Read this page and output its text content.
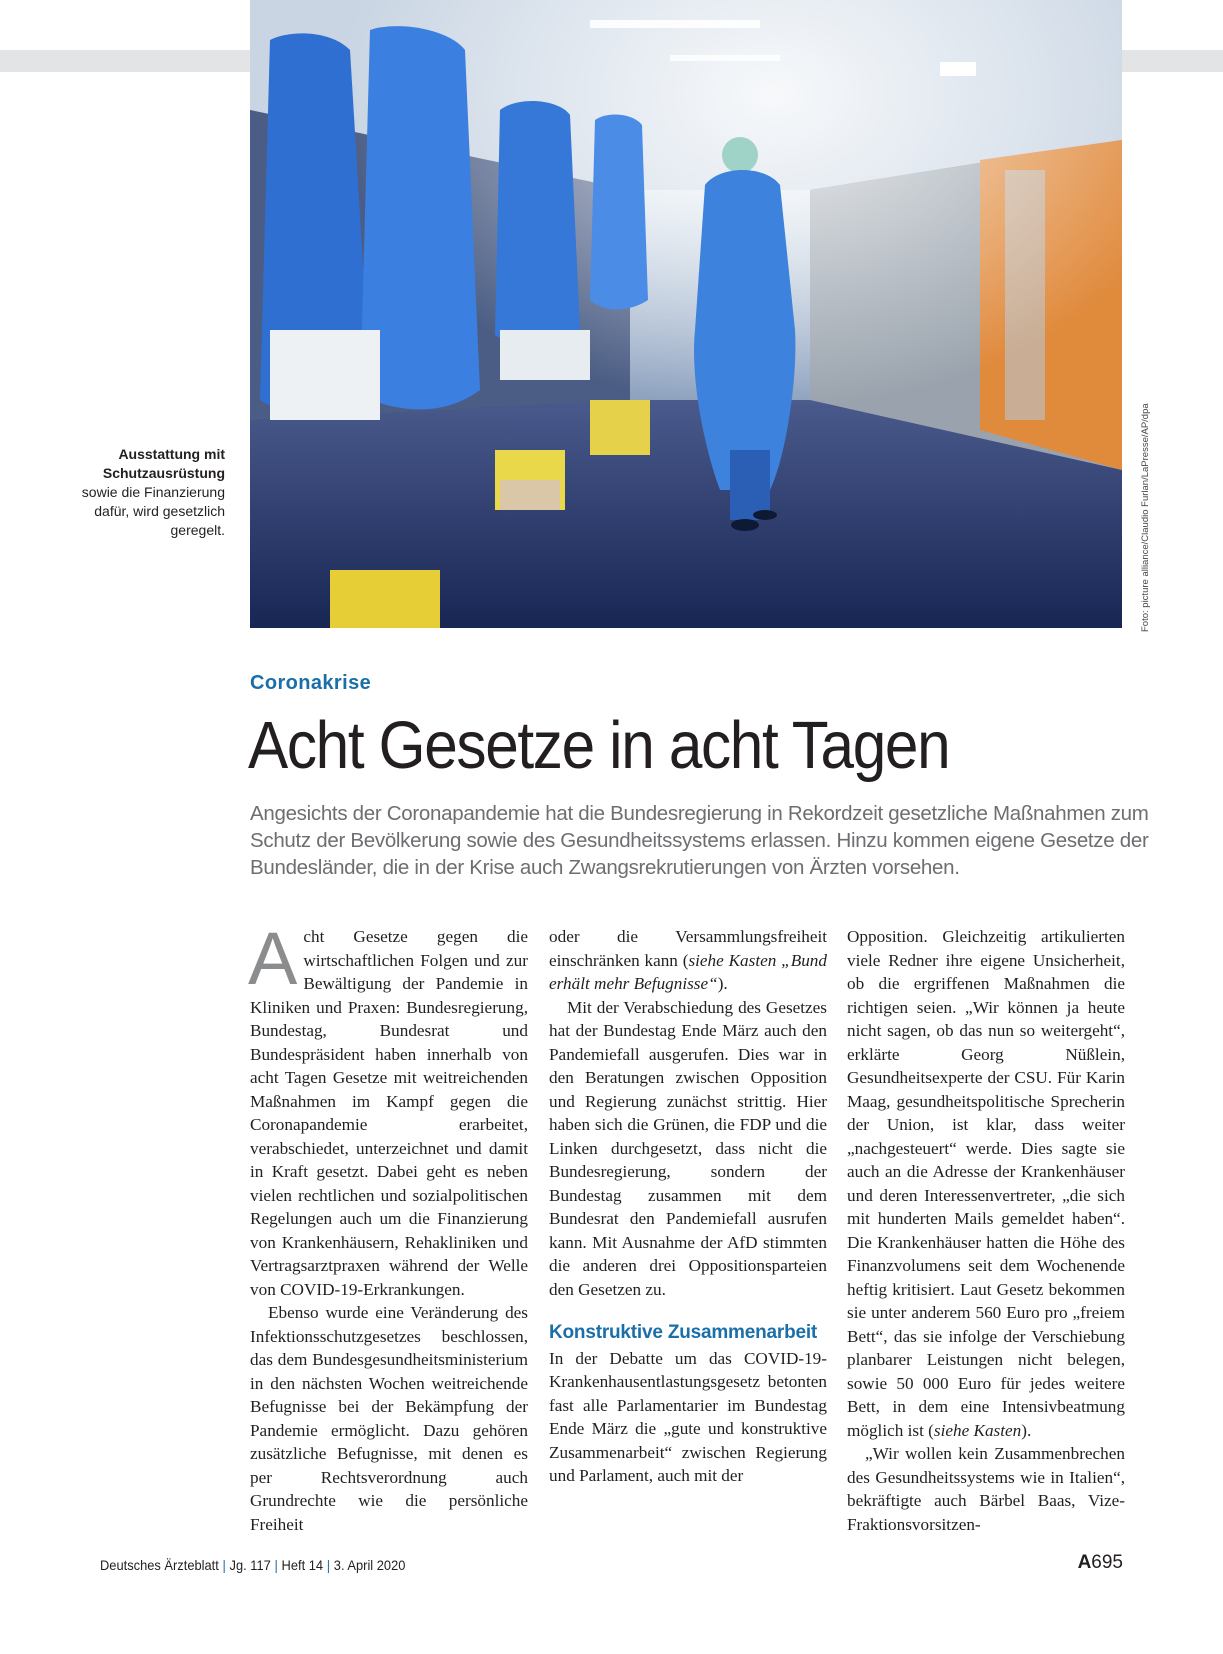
Ausstattung mit Schutzausrüstung
sowie die Finanzierung dafür, wird gesetzlich geregelt.	Foto: picture alliance/Claudio Furlan/LaPresse/AP/dpa
Coronakrise
Acht Gesetze in acht Tagen

Angesichts der Coronapandemie hat die Bundesregierung in Rekordzeit gesetzliche Maßnahmen zum Schutz der Bevölkerung sowie des Gesundheitssystems erlassen. Hinzu kommen eigene Gesetze der Bundesländer, die in der Krise auch Zwangsrekrutierungen von Ärzten vorsehen.

Acht Gesetze gegen die wirtschaftlichen Folgen und zur Bewältigung der Pandemie in Kliniken und Praxen: Bundesregierung, Bundestag, Bundesrat und Bundespräsident haben innerhalb von acht Tagen Gesetze mit weitreichenden Maßnahmen im Kampf gegen die Coronapandemie erarbeitet, verabschiedet, unterzeichnet und damit in Kraft gesetzt. Dabei geht es neben vielen rechtlichen und sozialpolitischen Regelungen auch um die Finanzierung von Krankenhäusern, Rehakliniken und Vertragsarztpraxen während der Welle von COVID-19-Erkrankungen.

Ebenso wurde eine Veränderung des Infektionsschutzgesetzes beschlossen, das dem Bundesgesundheitsministerium in den nächsten Wochen weitreichende Befugnisse bei der Bekämpfung der Pandemie ermöglicht. Dazu gehören zusätzliche Befugnisse, mit denen es per Rechtsverordnung auch Grundrechte wie die persönliche Freiheit

oder die Versammlungsfreiheit einschränken kann (siehe Kasten „Bund erhält mehr Befugnisse“).

Mit der Verabschiedung des Gesetzes hat der Bundestag Ende März auch den Pandemiefall ausgerufen. Dies war in den Beratungen zwischen Opposition und Regierung zunächst strittig. Hier haben sich die Grünen, die FDP und die Linken durchgesetzt, dass nicht die Bundesregierung, sondern der Bundestag zusammen mit dem Bundesrat den Pandemiefall ausrufen kann. Mit Ausnahme der AfD stimmten die anderen drei Oppositionsparteien den Gesetzen zu.

Konstruktive Zusammenarbeit

In der Debatte um das COVID-19-Krankenhausentlastungsgesetz betonten fast alle Parlamentarier im Bundestag Ende März die „gute und konstruktive Zusammenarbeit“ zwischen Regierung und Parlament, auch mit der

Opposition. Gleichzeitig artikulierten viele Redner ihre eigene Unsicherheit, ob die ergriffenen Maßnahmen die richtigen seien. „Wir können ja heute nicht sagen, ob das nun so weitergeht“, erklärte Georg Nüßlein, Gesundheitsexperte der CSU. Für Karin Maag, gesundheitspolitische Sprecherin der Union, ist klar, dass weiter „nachgesteuert“ werde. Dies sagte sie auch an die Adresse der Krankenhäuser und deren Interessenvertreter, „die sich mit hunderten Mails gemeldet haben“. Die Krankenhäuser hatten die Höhe des Finanzvolumens seit dem Wochenende heftig kritisiert. Laut Gesetz bekommen sie unter anderem 560 Euro pro „freiem Bett“, das sie infolge der Verschiebung planbarer Leistungen nicht belegen, sowie 50 000 Euro für jedes weitere Bett, in dem eine Intensivbeatmung möglich ist (siehe Kasten).

„Wir wollen kein Zusammenbrechen des Gesundheitssystems wie in Italien“, bekräftigte auch Bärbel Baas, Vize-Fraktionsvorsitzen-

Deutsches Ärzteblatt | Jg. 117 | Heft 14 | 3. April 2020	A695
